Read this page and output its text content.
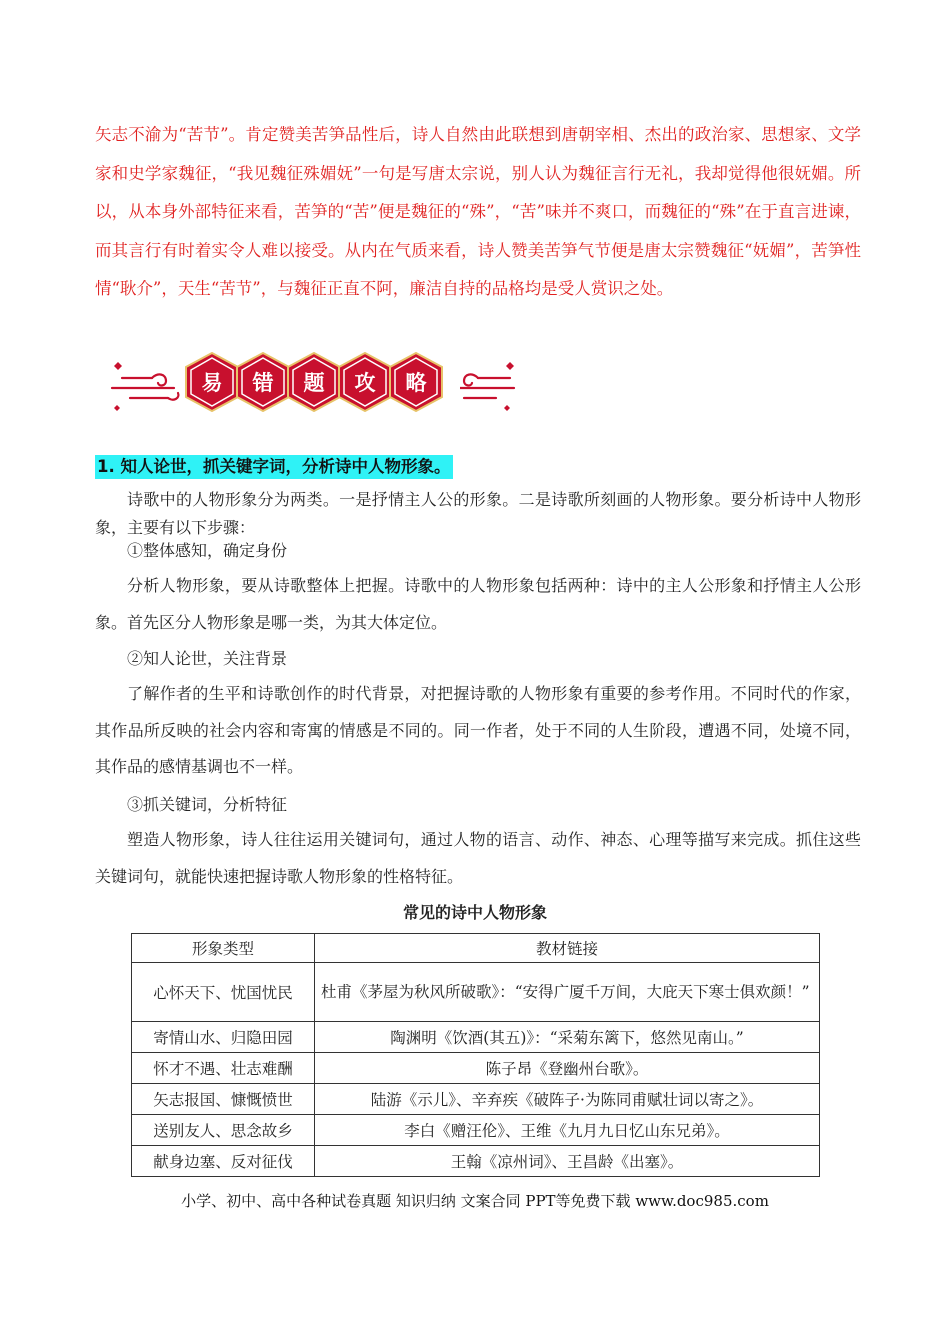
矢志不渝为“苦节”。肯定赞美苦笋品性后，诗人自然由此联想到唐朝宰相、杰出的政治家、思想家、文学家和史学家魏征，“我见魏征殊媚妩”一句是写唐太宗说，别人认为魏征言行无礼，我却觉得他很妩媚。所以，从本身外部特征来看，苦笋的“苦”便是魏征的“殊”，“苦”味并不爽口，而魏征的“殊”在于直言进谏，而其言行有时着实令人难以接受。从内在气质来看，诗人赞美苦笋气节便是唐太宗赞魏征“妩媚”，苦笋性情“耿介”，天生“苦节”，与魏征正直不阿，廉洁自持的品格均是受人赏识之处。

易	错	题	攻	略

1. 知人论世，抓关键字词，分析诗中人物形象。

诗歌中的人物形象分为两类。一是抒情主人公的形象。二是诗歌所刻画的人物形象。要分析诗中人物形象，主要有以下步骤：

①整体感知，确定身份

分析人物形象，要从诗歌整体上把握。诗歌中的人物形象包括两种：诗中的主人公形象和抒情主人公形象。首先区分人物形象是哪一类，为其大体定位。

②知人论世，关注背景

了解作者的生平和诗歌创作的时代背景，对把握诗歌的人物形象有重要的参考作用。不同时代的作家，其作品所反映的社会内容和寄寓的情感是不同的。同一作者，处于不同的人生阶段，遭遇不同，处境不同，其作品的感情基调也不一样。

③抓关键词，分析特征

塑造人物形象，诗人往往运用关键词句，通过人物的语言、动作、神态、心理等描写来完成。抓住这些关键词句，就能快速把握诗歌人物形象的性格特征。

常见的诗中人物形象

形象类型	教材链接
心怀天下、忧国忧民	杜甫《茅屋为秋风所破歌》：“安得广厦千万间，大庇天下寒士俱欢颜！”
寄情山水、归隐田园	陶渊明《饮酒(其五)》：“采菊东篱下，悠然见南山。”
怀才不遇、壮志难酬	陈子昂《登幽州台歌》。
矢志报国、慷慨愤世	陆游《示儿》、辛弃疾《破阵子·为陈同甫赋壮词以寄之》。
送别友人、思念故乡	李白《赠汪伦》、王维《九月九日忆山东兄弟》。
献身边塞、反对征伐	王翰《凉州词》、王昌龄《出塞》。

小学、初中、高中各种试卷真题 知识归纳 文案合同 PPT等免费下载 www.doc985.com
